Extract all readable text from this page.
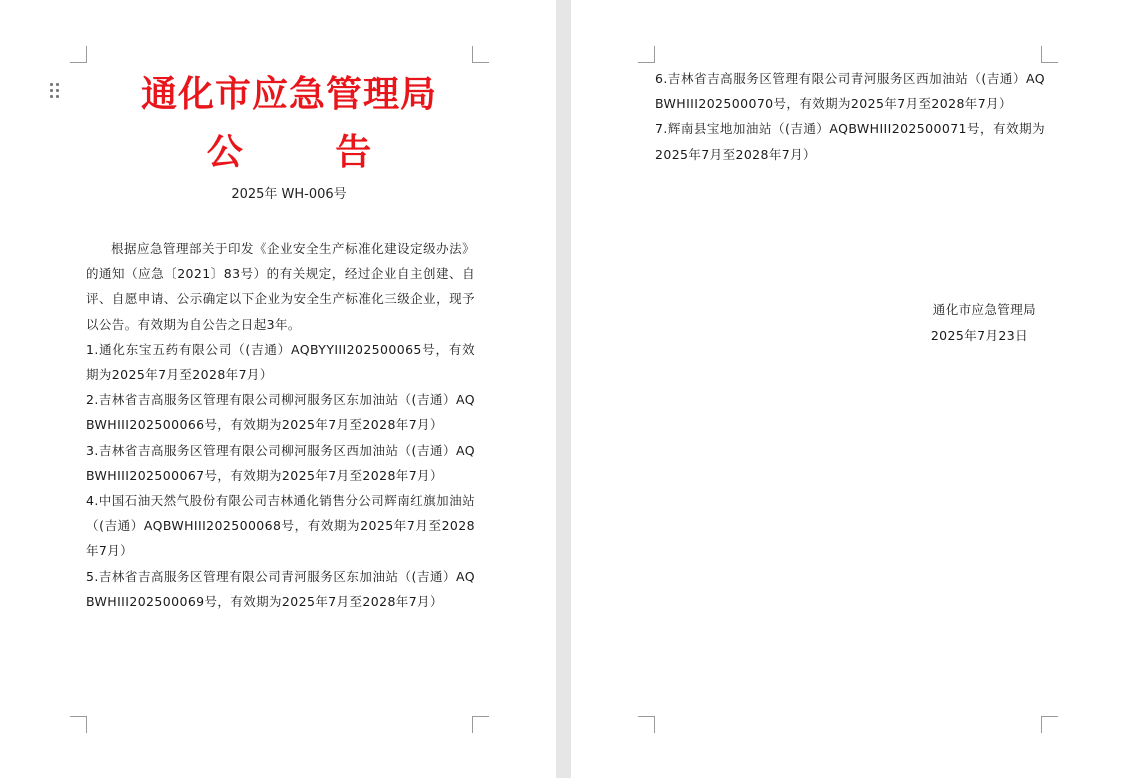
通化市应急管理局
公 告
2025年 WH-006号

根据应急管理部关于印发《企业安全生产标准化建设定级办法》的通知（应急〔2021〕83号）的有关规定，经过企业自主创建、自评、自愿申请、公示确定以下企业为安全生产标准化三级企业，现予以公告。有效期为自公告之日起3年。

1.通化东宝五药有限公司（(吉通）AQBYYIII202500065号，有效期为2025年7月至2028年7月）

2.吉林省吉高服务区管理有限公司柳河服务区东加油站（(吉通）AQBWHIII202500066号，有效期为2025年7月至2028年7月）

3.吉林省吉高服务区管理有限公司柳河服务区西加油站（(吉通）AQBWHIII202500067号，有效期为2025年7月至2028年7月）

4.中国石油天然气股份有限公司吉林通化销售分公司辉南红旗加油站（(吉通）AQBWHIII202500068号，有效期为2025年7月至2028年7月）

5.吉林省吉高服务区管理有限公司青河服务区东加油站（(吉通）AQBWHIII202500069号，有效期为2025年7月至2028年7月）

6.吉林省吉高服务区管理有限公司青河服务区西加油站（(吉通）AQBWHIII202500070号，有效期为2025年7月至2028年7月）

7.辉南县宝地加油站（(吉通）AQBWHIII202500071号，有效期为2025年7月至2028年7月）

通化市应急管理局
2025年7月23日
